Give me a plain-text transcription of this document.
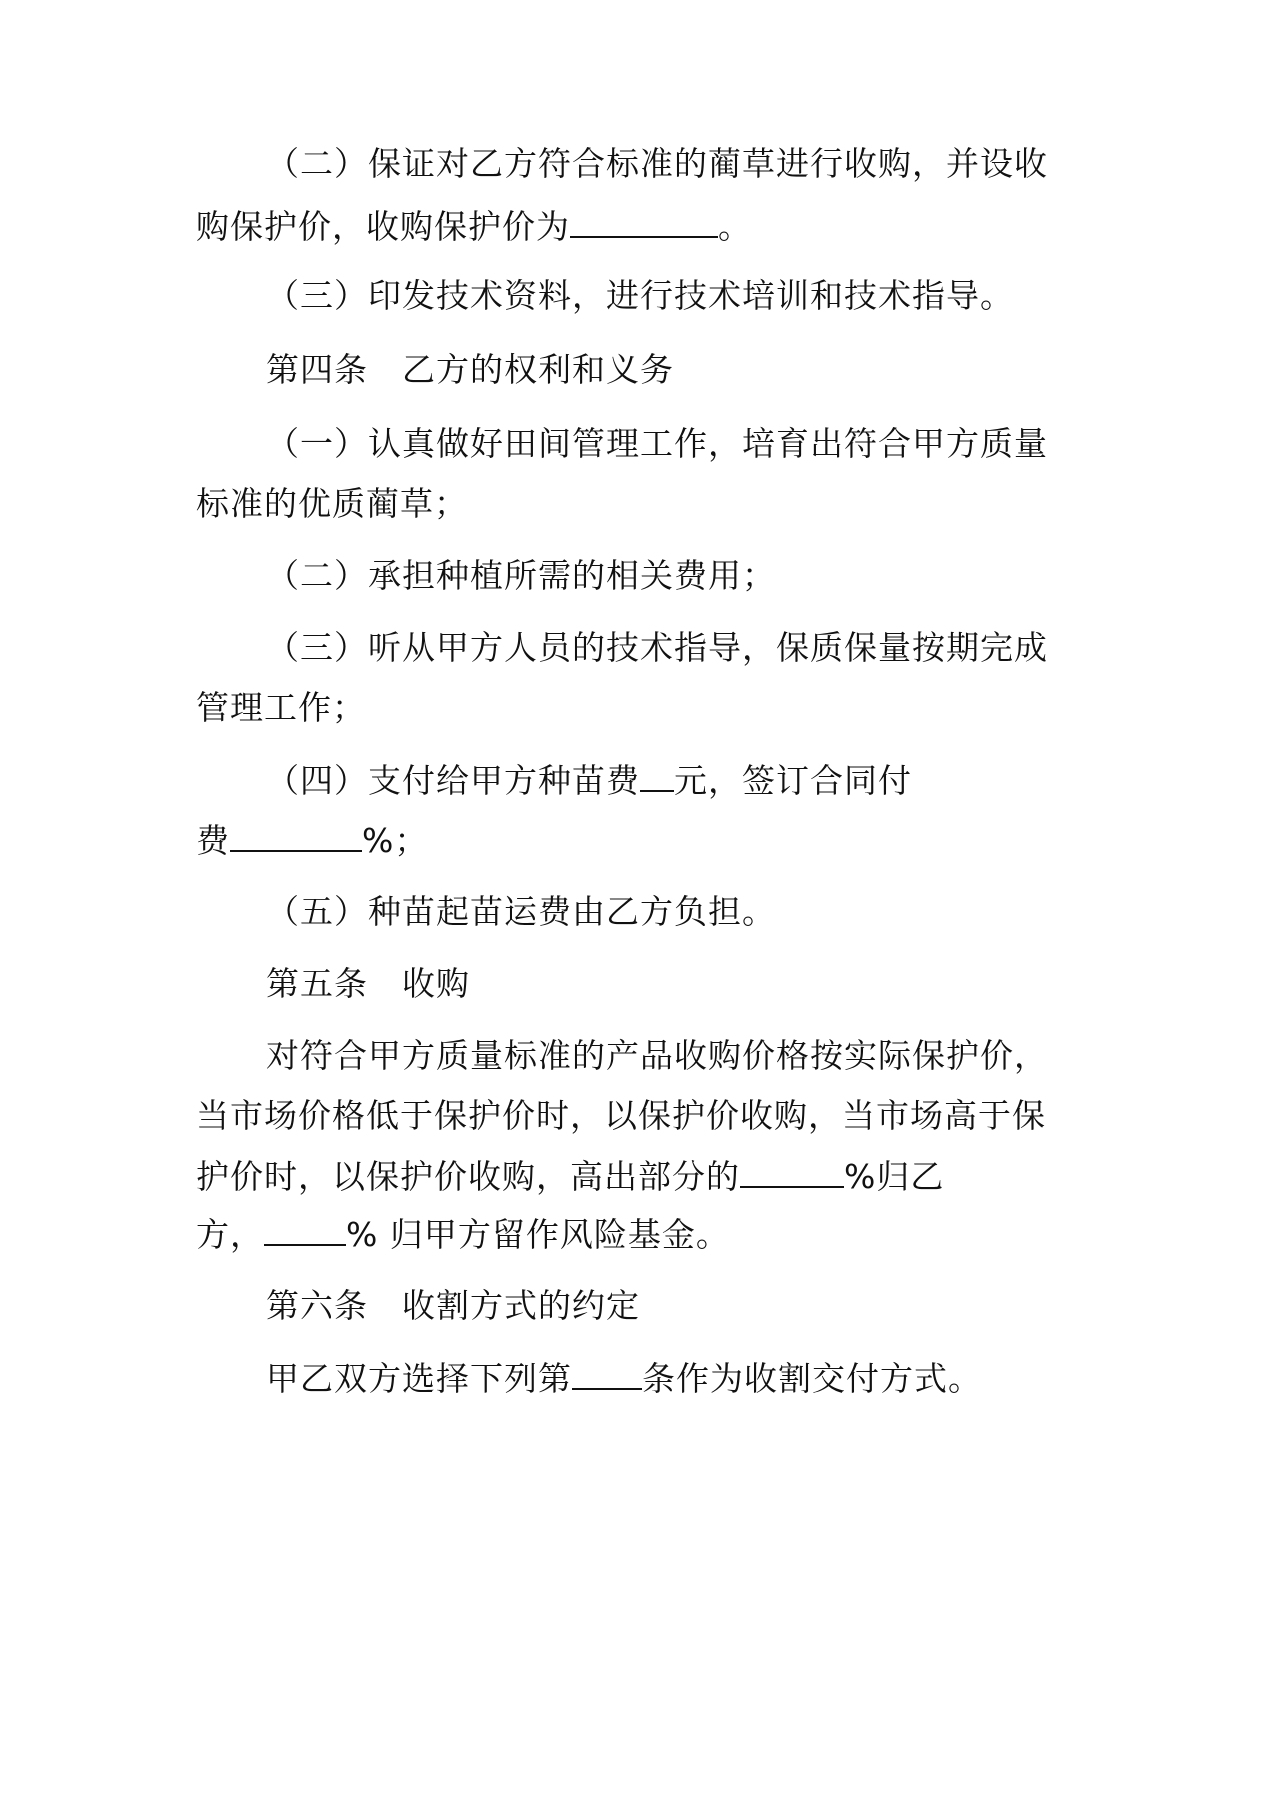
（二）保证对乙方符合标准的蔺草进行收购，并设收
购保护价，收购保护价为	。
（三）印发技术资料，进行技术培训和技术指导。
第四条 乙方的权利和义务
（一）认真做好田间管理工作，培育出符合甲方质量
标准的优质蔺草；
（二）承担种植所需的相关费用；
（三）听从甲方人员的技术指导，保质保量按期完成
管理工作；
（四）支付给甲方种苗费 元，签订合同付
费	%；
（五）种苗起苗运费由乙方负担。
第五条 收购
对符合甲方质量标准的产品收购价格按实际保护价，
当市场价格低于保护价时，以保护价收购，当市场高于保
护价时，以保护价收购，高出部分的	%归乙
方， % 归甲方留作风险基金。
第六条 收割方式的约定
甲乙双方选择下列第 条作为收割交付方式。
